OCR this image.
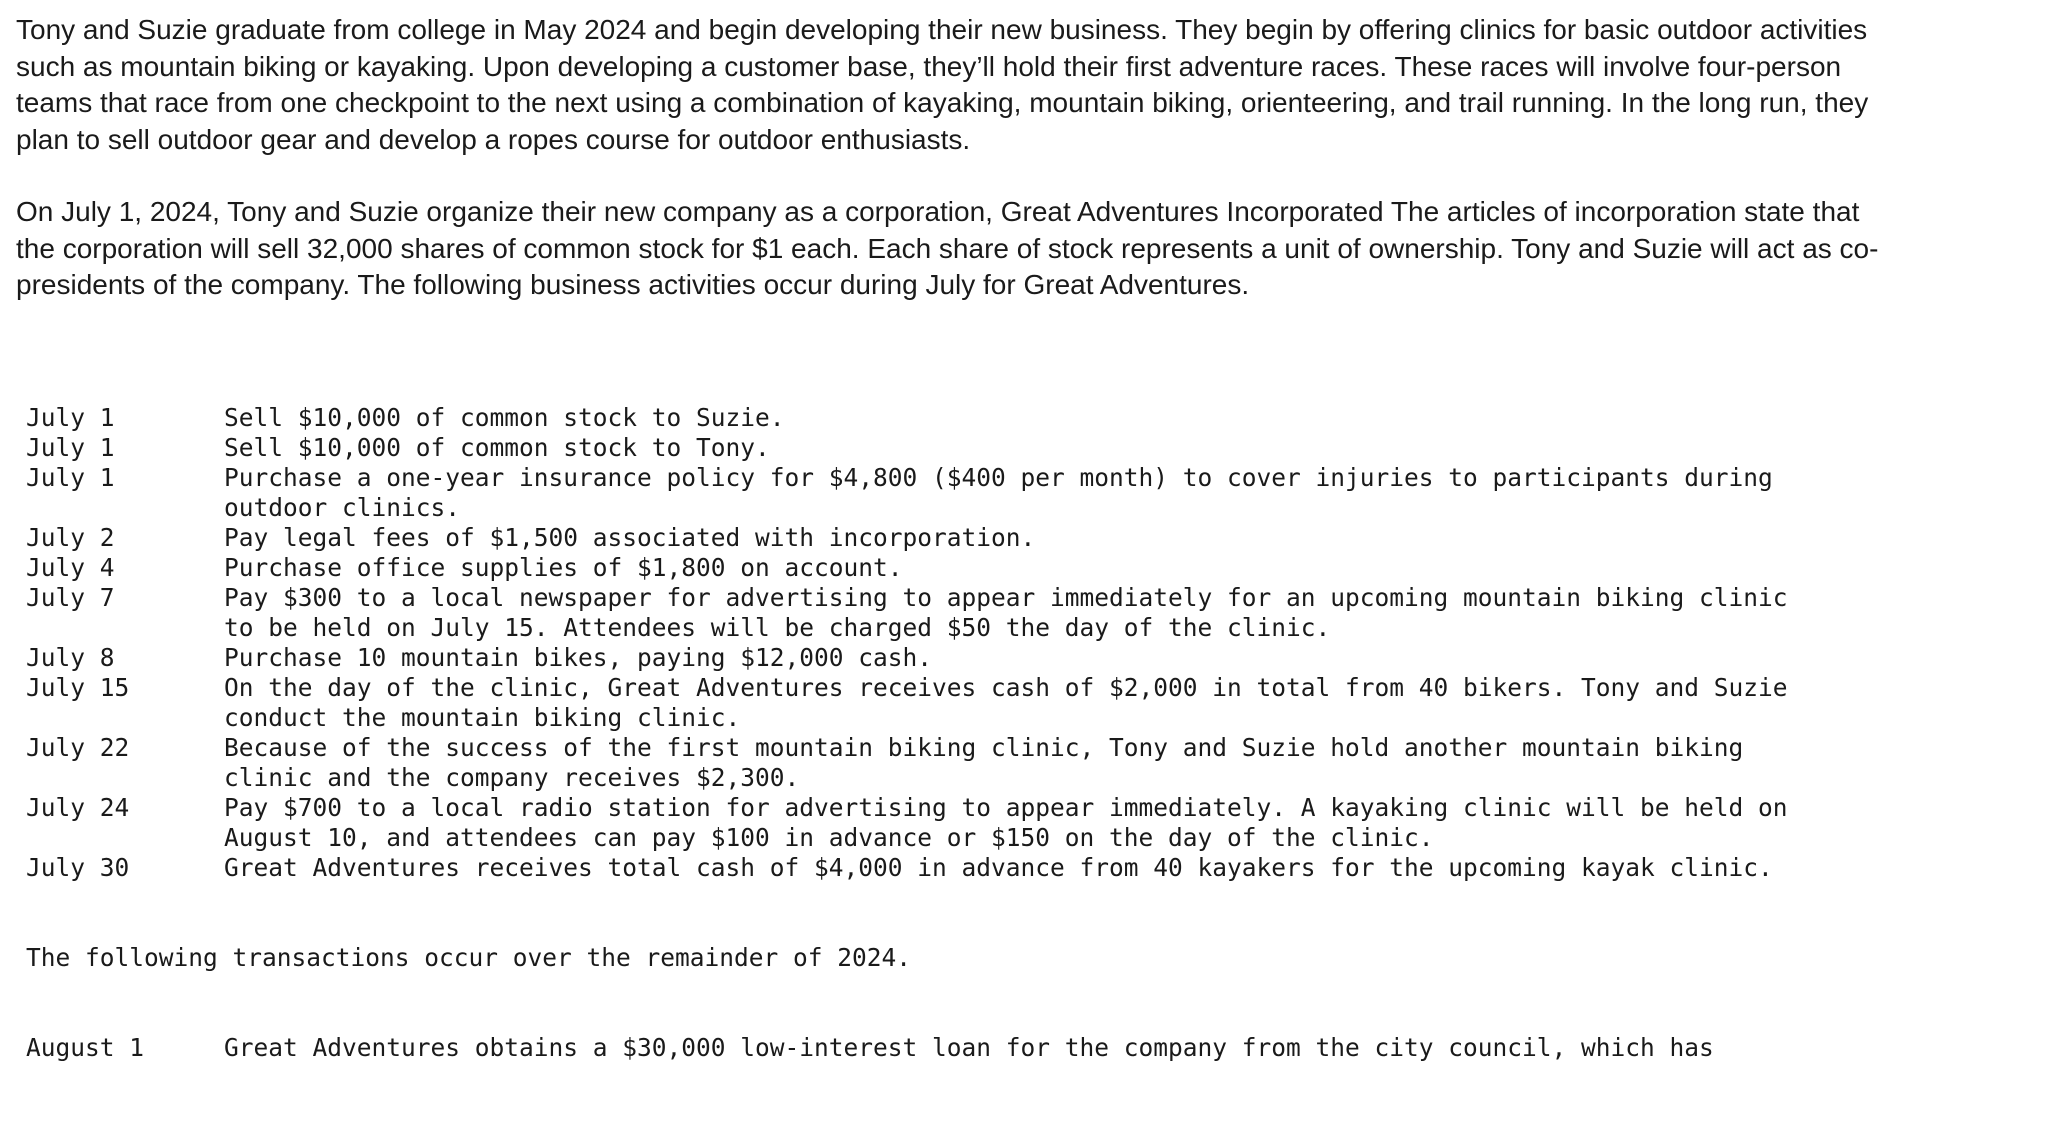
Tony and Suzie graduate from college in May 2024 and begin developing their new business. They begin by offering clinics for basic outdoor activities such as mountain biking or kayaking. Upon developing a customer base, they’ll hold their first adventure races. These races will involve four-person teams that race from one checkpoint to the next using a combination of kayaking, mountain biking, orienteering, and trail running. In the long run, they plan to sell outdoor gear and develop a ropes course for outdoor enthusiasts.

On July 1, 2024, Tony and Suzie organize their new company as a corporation, Great Adventures Incorporated The articles of incorporation state that the corporation will sell 32,000 shares of common stock for $1 each. Each share of stock represents a unit of ownership. Tony and Suzie will act as co-presidents of the company. The following business activities occur during July for Great Adventures.

July 1	Sell $10,000 of common stock to Suzie.
July 1	Sell $10,000 of common stock to Tony.
July 1	Purchase a one-year insurance policy for $4,800 ($400 per month) to cover injuries to participants during
outdoor clinics.
July 2	Pay legal fees of $1,500 associated with incorporation.
July 4	Purchase office supplies of $1,800 on account.
July 7	Pay $300 to a local newspaper for advertising to appear immediately for an upcoming mountain biking clinic
to be held on July 15. Attendees will be charged $50 the day of the clinic.
July 8	Purchase 10 mountain bikes, paying $12,000 cash.
July 15	On the day of the clinic, Great Adventures receives cash of $2,000 in total from 40 bikers. Tony and Suzie
conduct the mountain biking clinic.
July 22	Because of the success of the first mountain biking clinic, Tony and Suzie hold another mountain biking
clinic and the company receives $2,300.
July 24	Pay $700 to a local radio station for advertising to appear immediately. A kayaking clinic will be held on
August 10, and attendees can pay $100 in advance or $150 on the day of the clinic.
July 30	Great Adventures receives total cash of $4,000 in advance from 40 kayakers for the upcoming kayak clinic.

The following transactions occur over the remainder of 2024.

August 1	Great Adventures obtains a $30,000 low-interest loan for the company from the city council, which has
